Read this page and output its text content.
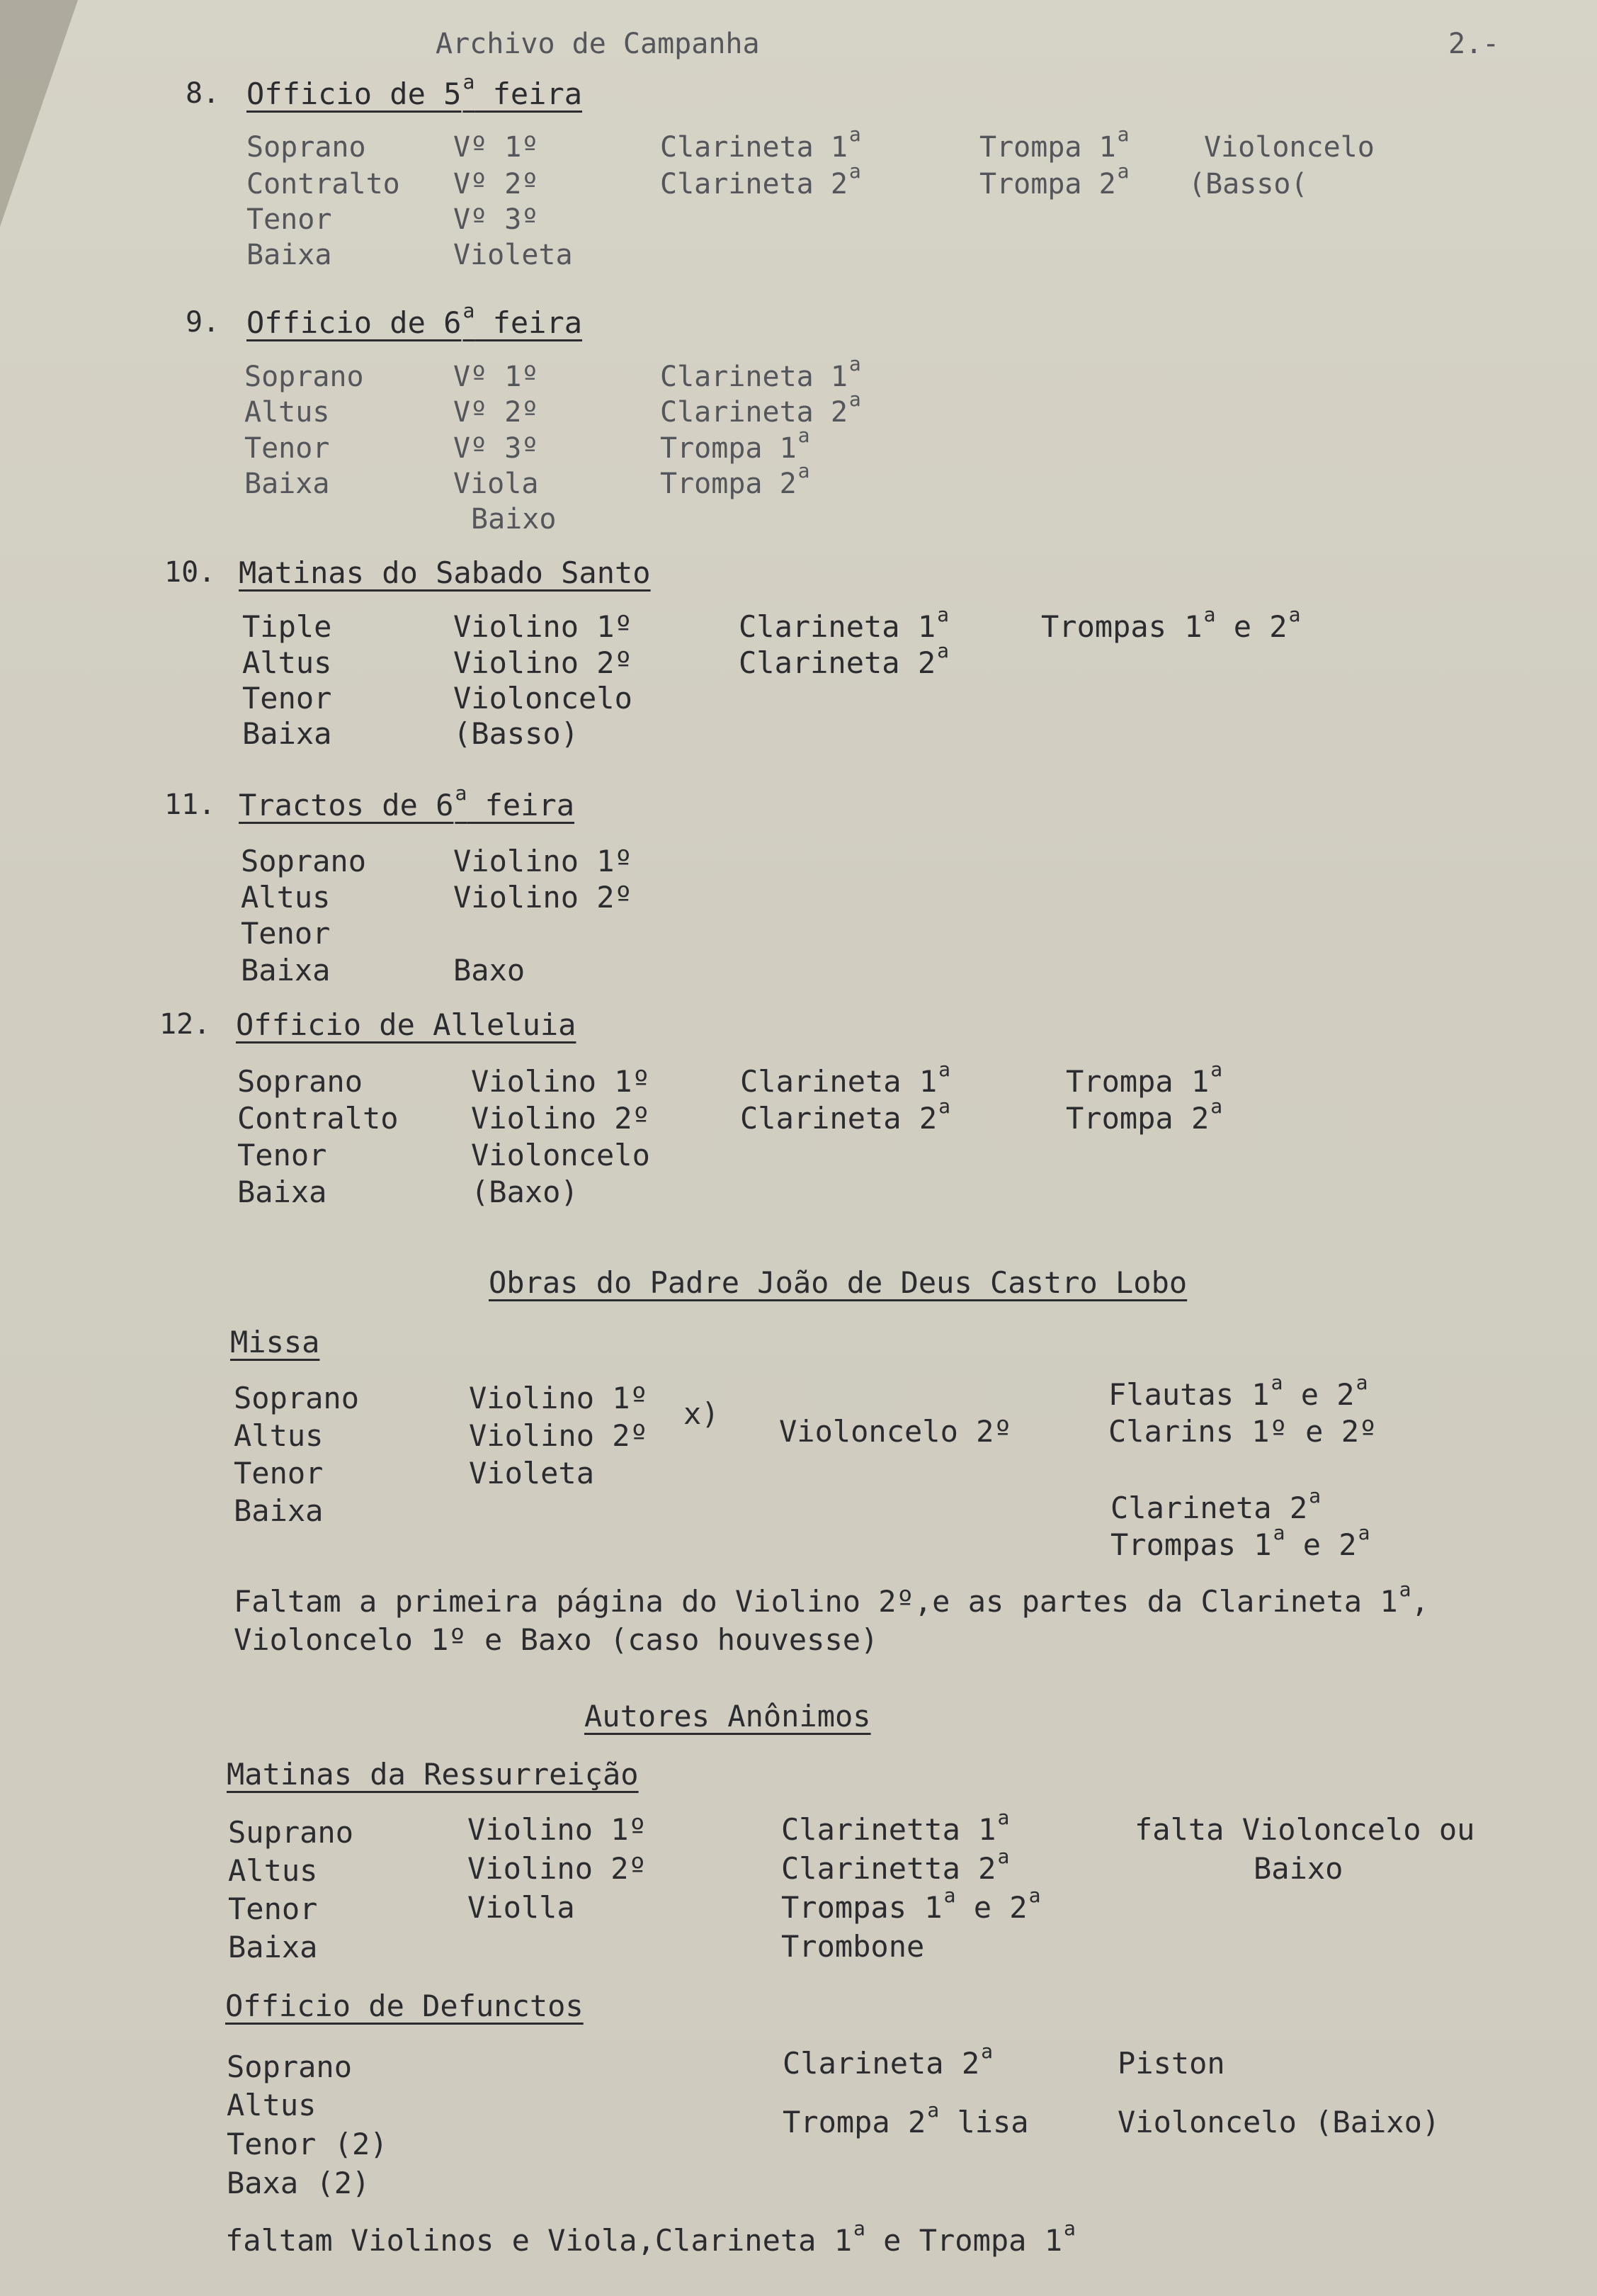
Archivo de Campanha	2.-
8. Officio de 5$^a$ feira
Soprano
Contralto
Tenor
Baixa
Vº 1º
Vº 2º
Vº 3º
Violeta
Clarineta 1$^a$
Clarineta 2$^a$
Trompa 1$^a$
Trompa 2$^a$
Violoncelo
(Basso(
9. Officio de 6$^a$ feira
Soprano
Altus
Tenor
Baixa
Vº 1º
Vº 2º
Vº 3º
Viola
Baixo
Clarineta 1$^a$
Clarineta 2$^a$
Trompa 1$^a$
Trompa 2$^a$
10. Matinas do Sabado Santo
Tiple
Altus
Tenor
Baixa
Violino 1º
Violino 2º
Violoncelo
(Basso)
Clarineta 1$^a$
Clarineta 2$^a$
Trompas 1$^a$ e 2$^a$
11. Tractos de 6$^a$ feira
Soprano
Altus
Tenor
Baixa
Violino 1º
Violino 2º
Baxo
12. Officio de Alleluia
Soprano
Contralto
Tenor
Baixa
Violino 1º
Violino 2º
Violoncelo
(Baxo)
Clarineta 1$^a$
Clarineta 2$^a$
Trompa 1$^a$
Trompa 2$^a$
Obras do Padre João de Deus Castro Lobo
Missa
Soprano
Altus
Tenor
Baixa
Violino 1º
Violino 2º
Violeta
x)
Violoncelo 2º
Flautas 1$^a$ e 2$^a$
Clarins 1º e 2º
Clarineta 2$^a$
Trompas 1$^a$ e 2$^a$
Faltam a primeira página do Violino 2º,e as partes da Clarineta 1$^a$,
Violoncelo 1º e Baxo (caso houvesse)
Autores Anônimos
Matinas da Ressurreição
Suprano
Altus
Tenor
Baixa
Violino 1º
Violino 2º
Violla
Clarinetta 1$^a$
Clarinetta 2$^a$
Trompas 1$^a$ e 2$^a$
Trombone
falta Violoncelo ou
Baixo
Officio de Defunctos
Soprano
Altus
Tenor (2)
Baxa (2)
Clarineta 2$^a$
Trompa 2$^a$ lisa
Piston
Violoncelo (Baixo)
faltam Violinos e Viola,Clarineta 1$^a$ e Trompa 1$^a$
